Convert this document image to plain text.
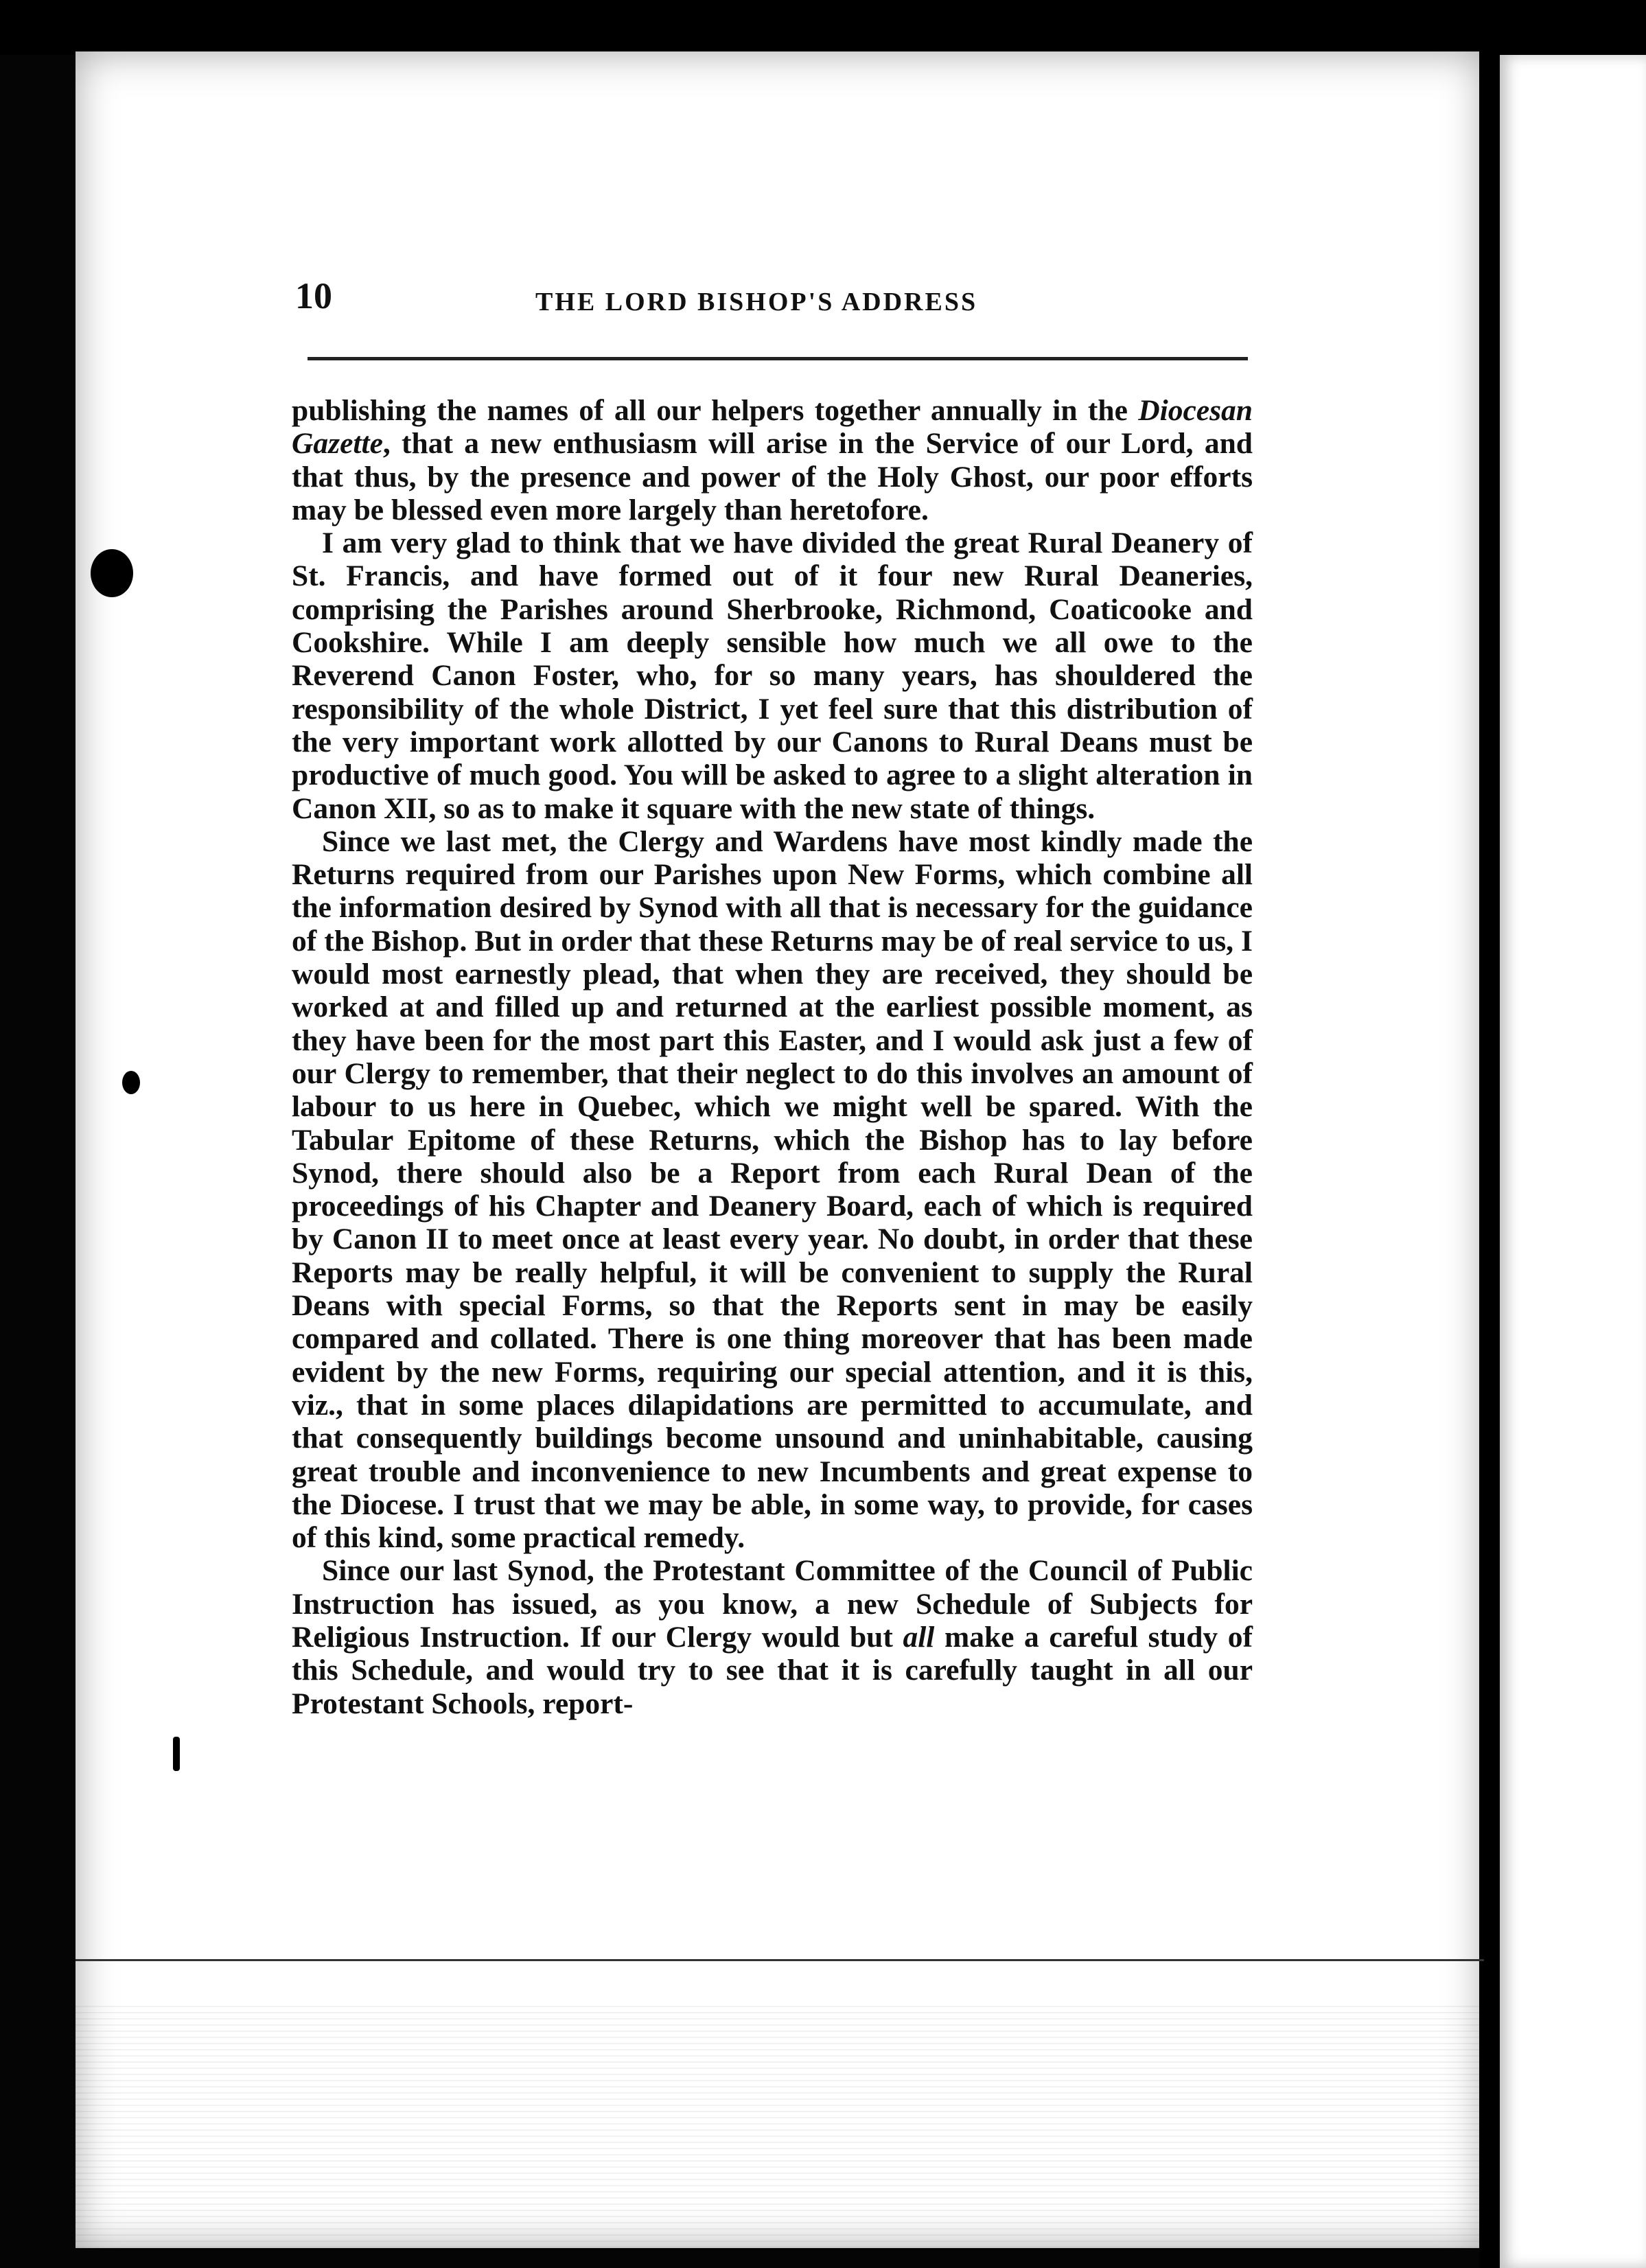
10	THE LORD BISHOP'S ADDRESS

publishing the names of all our helpers together annually in the Diocesan Gazette, that a new enthusiasm will arise in the Service of our Lord, and that thus, by the presence and power of the Holy Ghost, our poor efforts may be blessed even more largely than heretofore.

I am very glad to think that we have divided the great Rural Deanery of St. Francis, and have formed out of it four new Rural Deaneries, comprising the Parishes around Sherbrooke, Richmond, Coaticooke and Cookshire. While I am deeply sensible how much we all owe to the Reverend Canon Foster, who, for so many years, has shouldered the responsibility of the whole District, I yet feel sure that this distribution of the very important work allotted by our Canons to Rural Deans must be productive of much good. You will be asked to agree to a slight alteration in Canon XII, so as to make it square with the new state of things.

Since we last met, the Clergy and Wardens have most kindly made the Returns required from our Parishes upon New Forms, which combine all the information desired by Synod with all that is necessary for the guidance of the Bishop. But in order that these Returns may be of real service to us, I would most earnestly plead, that when they are received, they should be worked at and filled up and returned at the earliest possible moment, as they have been for the most part this Easter, and I would ask just a few of our Clergy to remember, that their neglect to do this involves an amount of labour to us here in Quebec, which we might well be spared. With the Tabular Epitome of these Returns, which the Bishop has to lay before Synod, there should also be a Report from each Rural Dean of the proceedings of his Chapter and Deanery Board, each of which is required by Canon II to meet once at least every year. No doubt, in order that these Reports may be really helpful, it will be convenient to supply the Rural Deans with special Forms, so that the Reports sent in may be easily compared and collated. There is one thing moreover that has been made evident by the new Forms, requiring our special attention, and it is this, viz., that in some places dilapidations are permitted to accumulate, and that consequently buildings become unsound and uninhabitable, causing great trouble and inconvenience to new Incumbents and great expense to the Diocese. I trust that we may be able, in some way, to provide, for cases of this kind, some practical remedy.

Since our last Synod, the Protestant Committee of the Council of Public Instruction has issued, as you know, a new Schedule of Subjects for Religious Instruction. If our Clergy would but all make a careful study of this Schedule, and would try to see that it is carefully taught in all our Protestant Schools, report-
